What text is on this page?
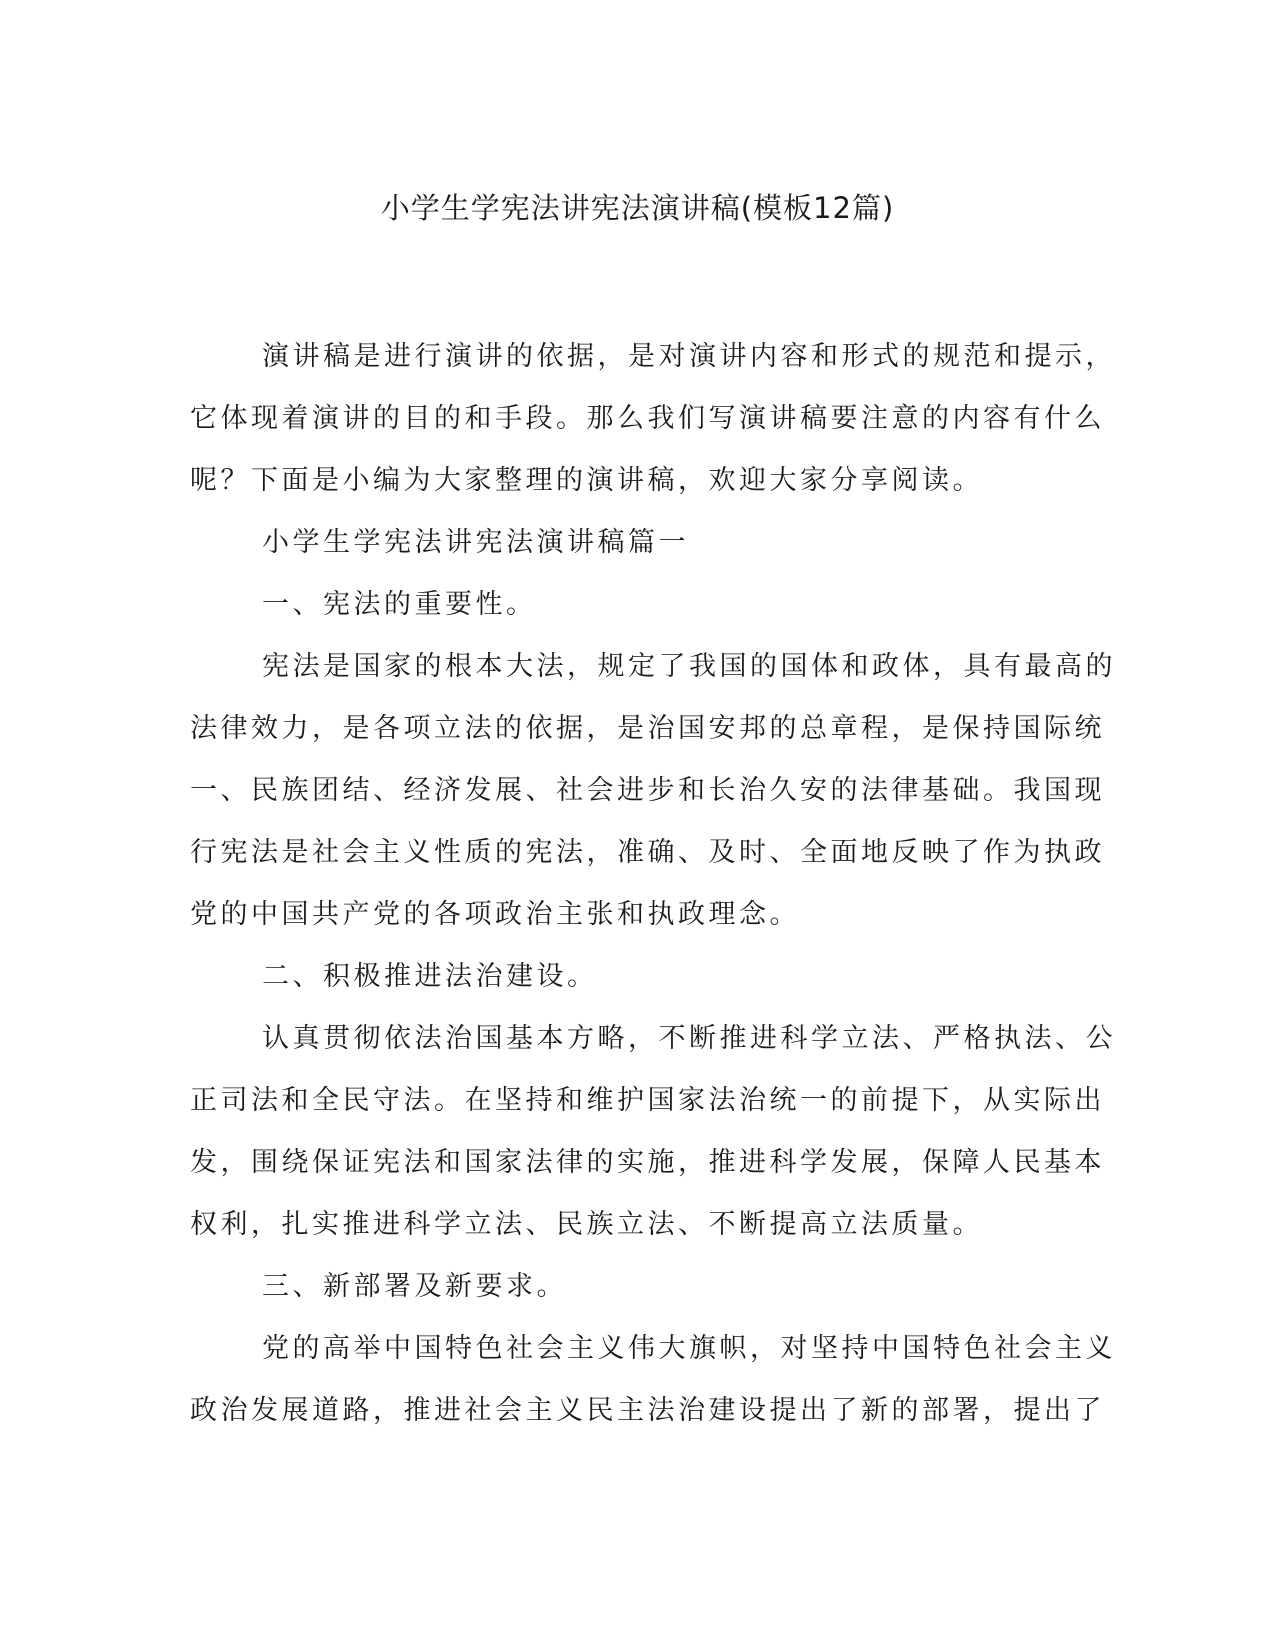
小学生学宪法讲宪法演讲稿(模板12篇)

演讲稿是进行演讲的依据，是对演讲内容和形式的规范和提示，
它体现着演讲的目的和手段。那么我们写演讲稿要注意的内容有什么
呢？下面是小编为大家整理的演讲稿，欢迎大家分享阅读。

小学生学宪法讲宪法演讲稿篇一

一、宪法的重要性。

宪法是国家的根本大法，规定了我国的国体和政体，具有最高的
法律效力，是各项立法的依据，是治国安邦的总章程，是保持国际统
一、民族团结、经济发展、社会进步和长治久安的法律基础。我国现
行宪法是社会主义性质的宪法，准确、及时、全面地反映了作为执政
党的中国共产党的各项政治主张和执政理念。

二、积极推进法治建设。

认真贯彻依法治国基本方略，不断推进科学立法、严格执法、公
正司法和全民守法。在坚持和维护国家法治统一的前提下，从实际出
发，围绕保证宪法和国家法律的实施，推进科学发展，保障人民基本
权利，扎实推进科学立法、民族立法、不断提高立法质量。

三、新部署及新要求。

党的高举中国特色社会主义伟大旗帜，对坚持中国特色社会主义
政治发展道路，推进社会主义民主法治建设提出了新的部署，提出了
